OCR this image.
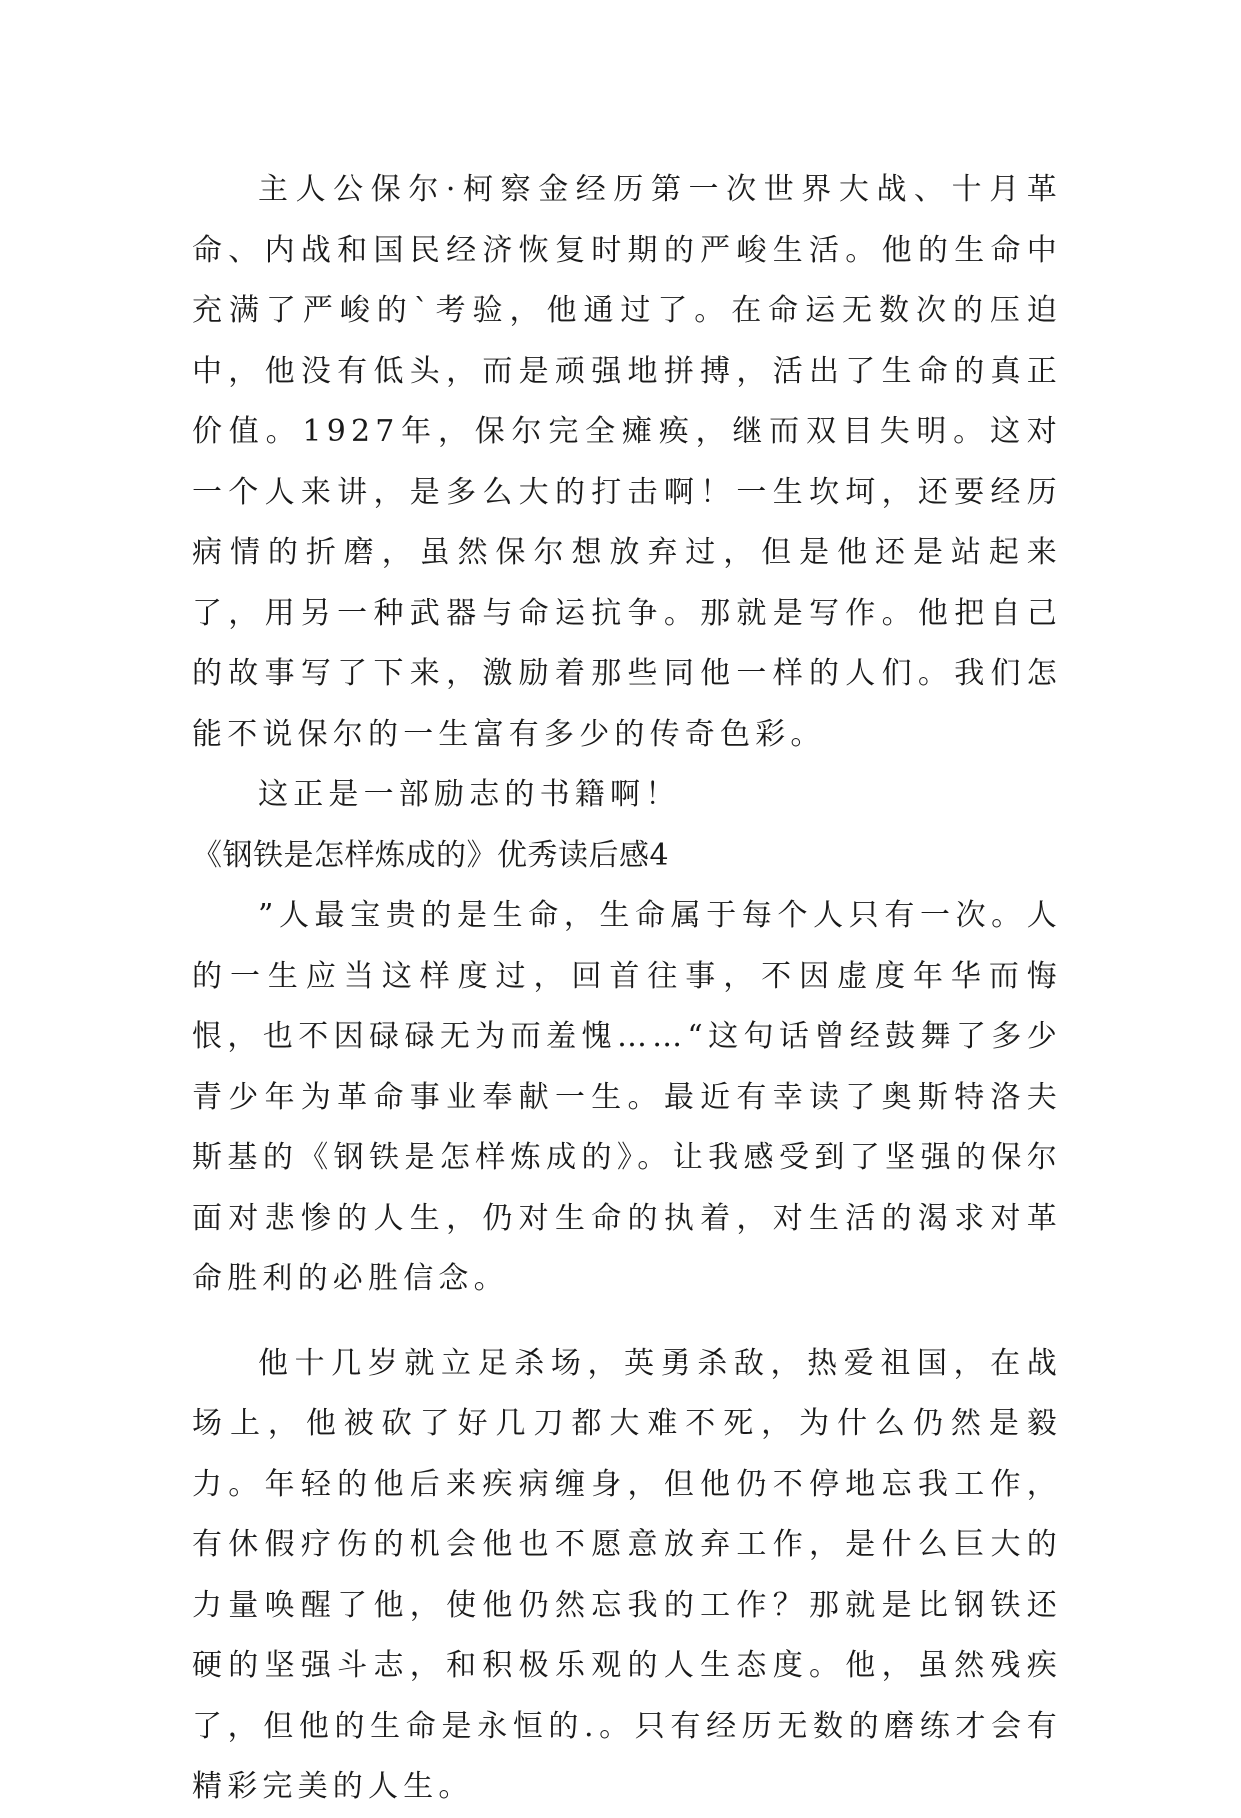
主人公保尔·柯察金经历第一次世界大战、十月革命、内战和国民经济恢复时期的严峻生活。他的生命中充满了严峻的`考验，他通过了。在命运无数次的压迫中，他没有低头，而是顽强地拼搏，活出了生命的真正价值。1927年，保尔完全瘫痪，继而双目失明。这对一个人来讲，是多么大的打击啊！一生坎坷，还要经历病情的折磨，虽然保尔想放弃过，但是他还是站起来了，用另一种武器与命运抗争。那就是写作。他把自己的故事写了下来，激励着那些同他一样的人们。我们怎能不说保尔的一生富有多少的传奇色彩。

这正是一部励志的书籍啊！

《钢铁是怎样炼成的》优秀读后感4

”人最宝贵的是生命，生命属于每个人只有一次。人的一生应当这样度过，回首往事，不因虚度年华而悔恨，也不因碌碌无为而羞愧……“这句话曾经鼓舞了多少青少年为革命事业奉献一生。最近有幸读了奥斯特洛夫斯基的《钢铁是怎样炼成的》。让我感受到了坚强的保尔面对悲惨的人生，仍对生命的执着，对生活的渴求对革命胜利的必胜信念。

他十几岁就立足杀场，英勇杀敌，热爱祖国，在战场上，他被砍了好几刀都大难不死，为什么仍然是毅力。年轻的他后来疾病缠身，但他仍不停地忘我工作，有休假疗伤的机会他也不愿意放弃工作，是什么巨大的力量唤醒了他，使他仍然忘我的工作？那就是比钢铁还硬的坚强斗志，和积极乐观的人生态度。他，虽然残疾了，但他的生命是永恒的.。只有经历无数的磨练才会有精彩完美的人生。
